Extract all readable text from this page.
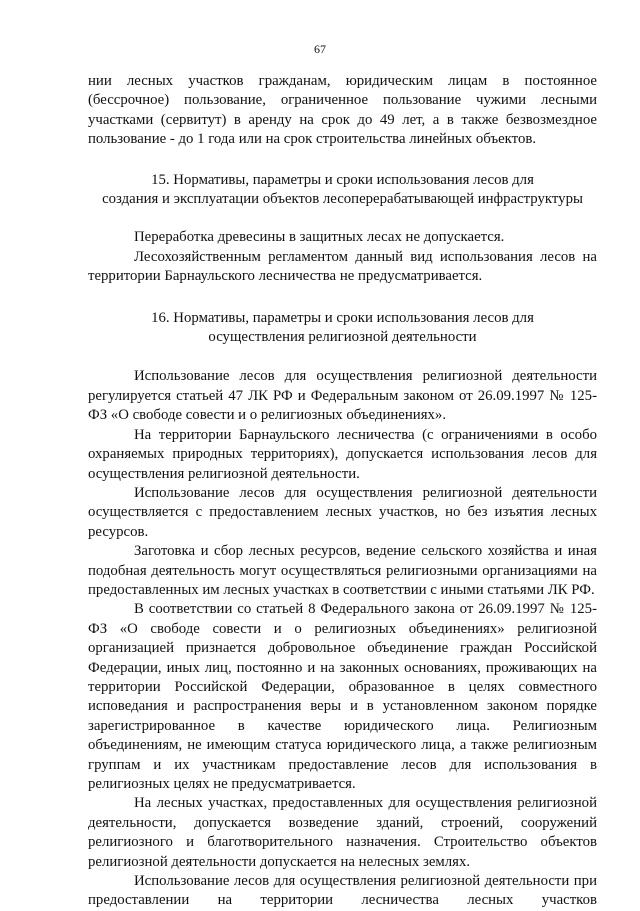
67

нии лесных участков гражданам, юридическим лицам в постоянное (бессрочное) пользование, ограниченное пользование чужими лесными участками (сервитут) в аренду на срок до 49 лет, а в также безвозмездное пользование - до 1 года или на срок строительства линейных объектов.

15. Нормативы, параметры и сроки использования лесов для
создания и эксплуатации объектов лесоперерабатывающей инфраструктуры

Переработка древесины в защитных лесах не допускается.

Лесохозяйственным регламентом данный вид использования лесов на территории Барнаульского лесничества не предусматривается.

16. Нормативы, параметры и сроки использования лесов для
осуществления религиозной деятельности

Использование лесов для осуществления религиозной деятельности регулируется статьей 47 ЛК РФ и Федеральным законом от 26.09.1997 № 125-ФЗ «О свободе совести и о религиозных объединениях».

На территории Барнаульского лесничества (с ограничениями в особо охраняемых природных территориях), допускается использования лесов для осуществления религиозной деятельности.

Использование лесов для осуществления религиозной деятельности осуществляется с предоставлением лесных участков, но без изъятия лесных ресурсов.

Заготовка и сбор лесных ресурсов, ведение сельского хозяйства и иная подобная деятельность могут осуществляться религиозными организациями на предоставленных им лесных участках в соответствии с иными статьями ЛК РФ.

В соответствии со статьей 8 Федерального закона от 26.09.1997 № 125-ФЗ «О свободе совести и о религиозных объединениях» религиозной организацией признается добровольное объединение граждан Российской Федерации, иных лиц, постоянно и на законных основаниях, проживающих на территории Российской Федерации, образованное в целях совместного исповедания и распространения веры и в установленном законом порядке зарегистрированное в качестве юридического лица. Религиозным объединениям, не имеющим статуса юридического лица, а также религиозным группам и их участникам предоставление лесов для использования в религиозных целях не предусматривается.

На лесных участках, предоставленных для осуществления религиозной деятельности, допускается возведение зданий, строений, сооружений религиозного и благотворительного назначения. Строительство объектов религиозной деятельности допускается на нелесных землях.

Использование лесов для осуществления религиозной деятельности при предоставлении на территории лесничества лесных участков
